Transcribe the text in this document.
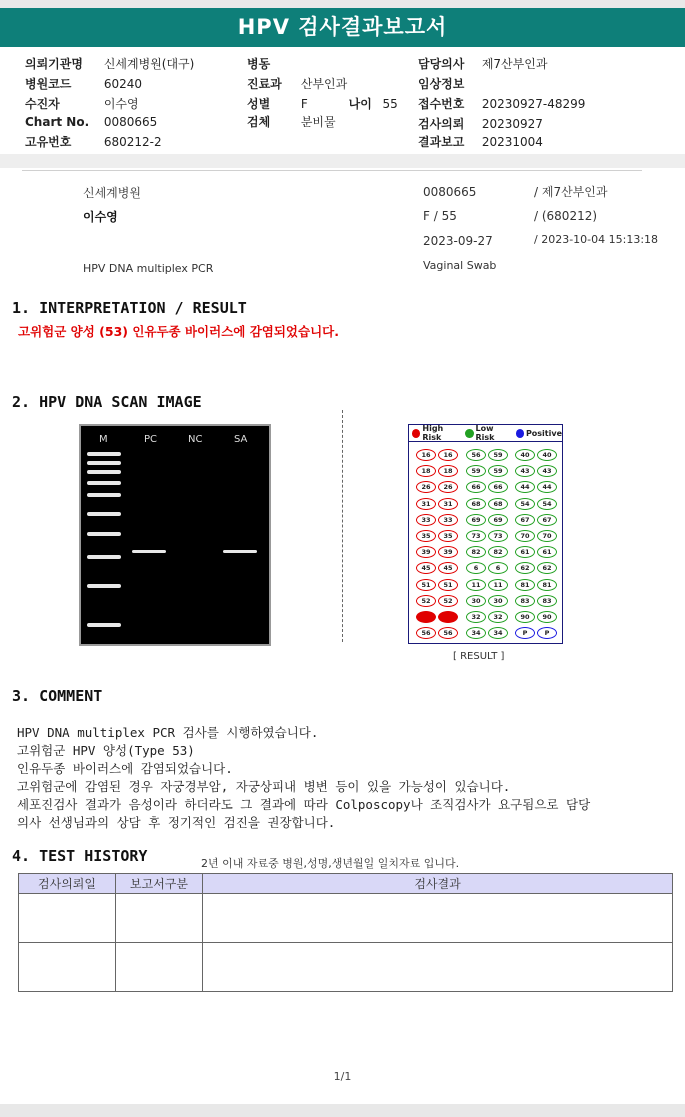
HPV 검사결과보고서
의뢰기관명 신세계병원(대구)
병원코드	60240
수진자	이수영
Chart No. 0080665
고유번호	680212-2
병동
진료과 산부인과
성별	F	나이 55
검체	분비물
담당의사 제7산부인과
임상정보
접수번호 20230927-48299
검사의뢰 20230927
결과보고 20231004
신세계병원
이수영
HPV DNA multiplex PCR
0080665	/ 제7산부인과
F / 55	/ (680212)
2023-09-27	/ 2023-10-04 15:13:18
Vaginal Swab
1. INTERPRETATION / RESULT
고위험군 양성 (53) 인유두종 바이러스에 감염되었습니다.
2. HPV DNA SCAN IMAGE
M	PC	NC	SA
High Risk
Low Risk	Positive
16	16	56	59	40	40
18	18	59	59	43	43
26	26	66	66	44	44
31	31	68	68	54	54
33	33	69	69	67	67
35	35	73	73	70	70
39	39	82	82	61	61
45	45	6	6	62	62
51	51	11	11	81	81
52	52	30	30	83	83
53	53	32	32	90	90
56	56	34	34	P	P
[ RESULT ]
3. COMMENT
HPV DNA multiplex PCR 검사를 시행하였습니다.
고위험군 HPV 양성(Type 53)
인유두종 바이러스에 감염되었습니다.
고위험군에 감염된 경우 자궁경부암, 자궁상피내 병변 등이 있을 가능성이 있습니다.
세포진검사 결과가 음성이라 하더라도 그 결과에 따라 Colposcopy나 조직검사가 요구됨으로 담당
의사 선생님과의 상담 후 정기적인 검진을 권장합니다.
4. TEST HISTORY	2년 이내 자료중 병원,성명,생년월일 일치자료 입니다.
검사의뢰일	보고서구분	검사결과

1/1
